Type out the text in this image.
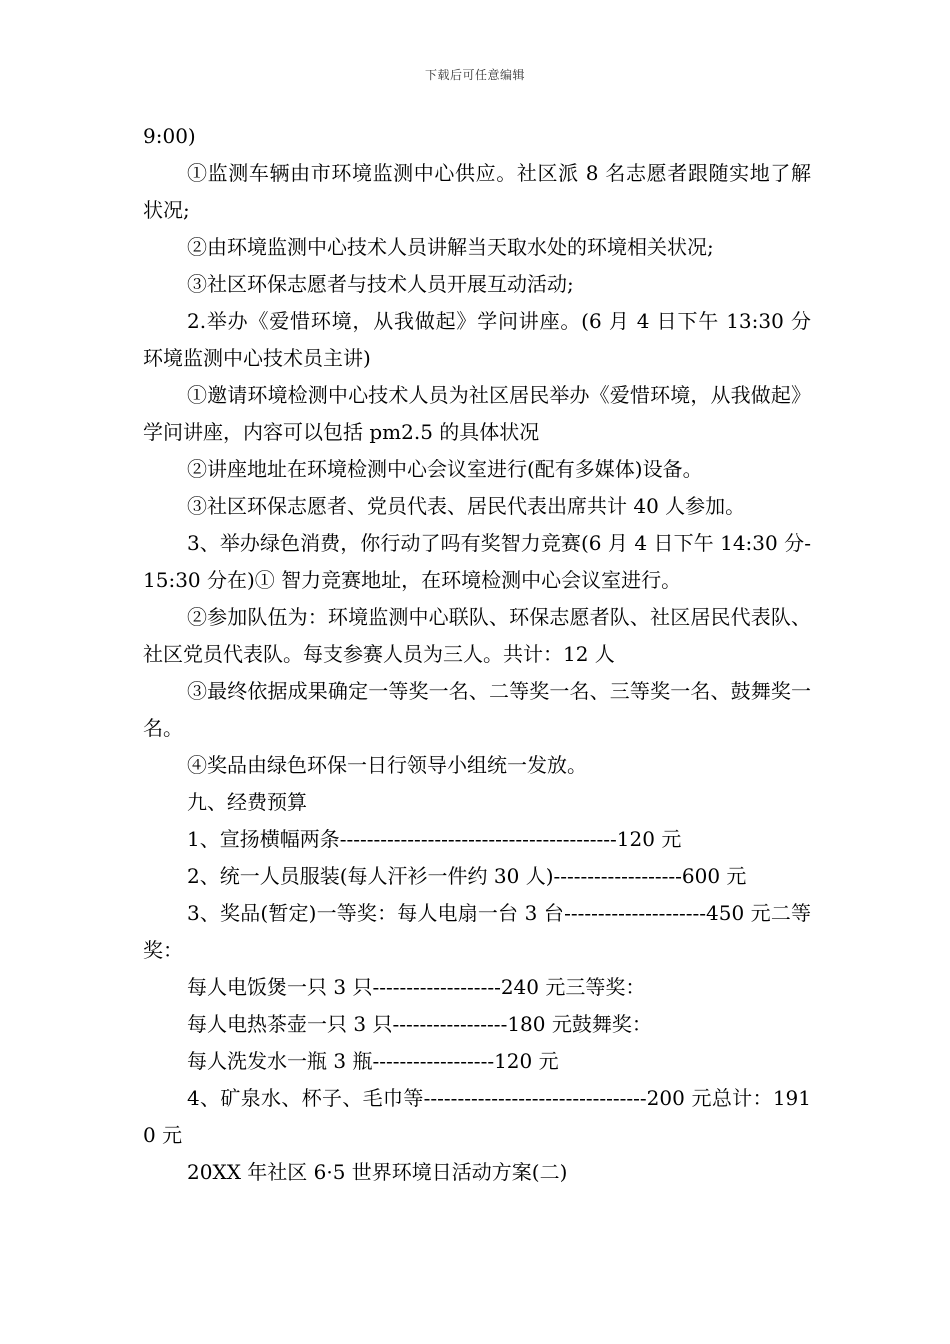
下载后可任意编辑

9:00)

①监测车辆由市环境监测中心供应。社区派 8 名志愿者跟随实地了解状况;

②由环境监测中心技术人员讲解当天取水处的环境相关状况;

③社区环保志愿者与技术人员开展互动活动;

2.举办《爱惜环境，从我做起》学问讲座。(6 月 4 日下午 13:30 分 环境监测中心技术员主讲)

①邀请环境检测中心技术人员为社区居民举办《爱惜环境，从我做起》学问讲座，内容可以包括 pm2.5 的具体状况

②讲座地址在环境检测中心会议室进行(配有多媒体)设备。

③社区环保志愿者、党员代表、居民代表出席共计 40 人参加。

3、举办绿色消费，你行动了吗有奖智力竞赛(6 月 4 日下午 14:30 分-15:30 分在)① 智力竞赛地址，在环境检测中心会议室进行。

②参加队伍为：环境监测中心联队、环保志愿者队、社区居民代表队、社区党员代表队。每支参赛人员为三人。共计：12 人

③最终依据成果确定一等奖一名、二等奖一名、三等奖一名、鼓舞奖一名。

④奖品由绿色环保一日行领导小组统一发放。

九、经费预算

1、宣扬横幅两条-----------------------------------------120 元

2、统一人员服装(每人汗衫一件约 30 人)-------------------600 元

3、奖品(暂定)一等奖：每人电扇一台 3 台---------------------450 元二等奖：

每人电饭煲一只 3 只-------------------240 元三等奖：

每人电热茶壶一只 3 只-----------------180 元鼓舞奖：

每人洗发水一瓶 3 瓶------------------120 元

4、矿泉水、杯子、毛巾等---------------------------------200 元总计：1910 元

20XX 年社区 6·5 世界环境日活动方案(二)
